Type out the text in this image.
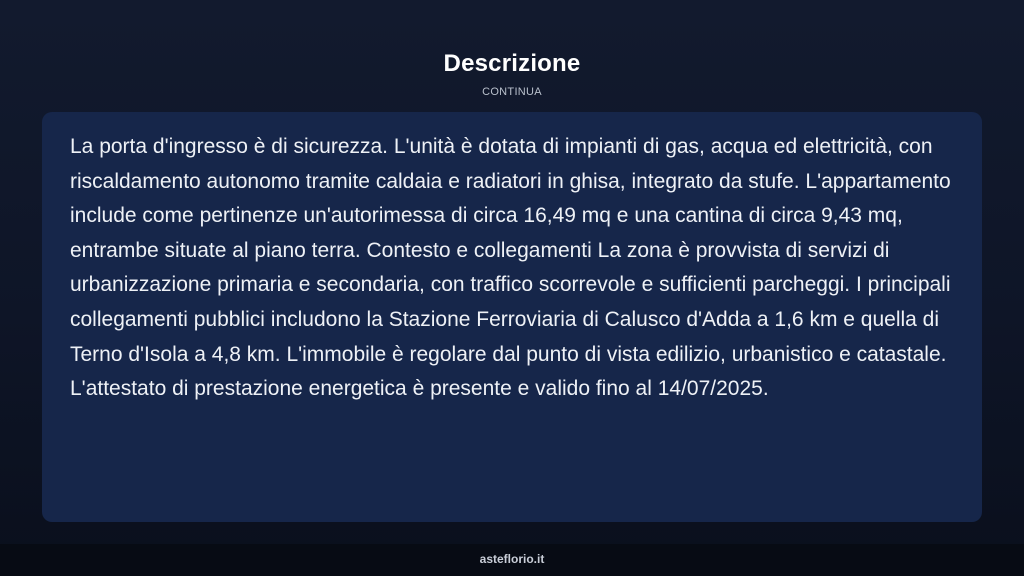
Descrizione
CONTINUA

La porta d'ingresso è di sicurezza. L'unità è dotata di impianti di gas, acqua ed elettricità, con riscaldamento autonomo tramite caldaia e radiatori in ghisa, integrato da stufe. L'appartamento include come pertinenze un'autorimessa di circa 16,49 mq e una cantina di circa 9,43 mq, entrambe situate al piano terra. Contesto e collegamenti La zona è provvista di servizi di urbanizzazione primaria e secondaria, con traffico scorrevole e sufficienti parcheggi. I principali collegamenti pubblici includono la Stazione Ferroviaria di Calusco d'Adda a 1,6 km e quella di Terno d'Isola a 4,8 km. L'immobile è regolare dal punto di vista edilizio, urbanistico e catastale. L'attestato di prestazione energetica è presente e valido fino al 14/07/2025.

asteflorio.it
